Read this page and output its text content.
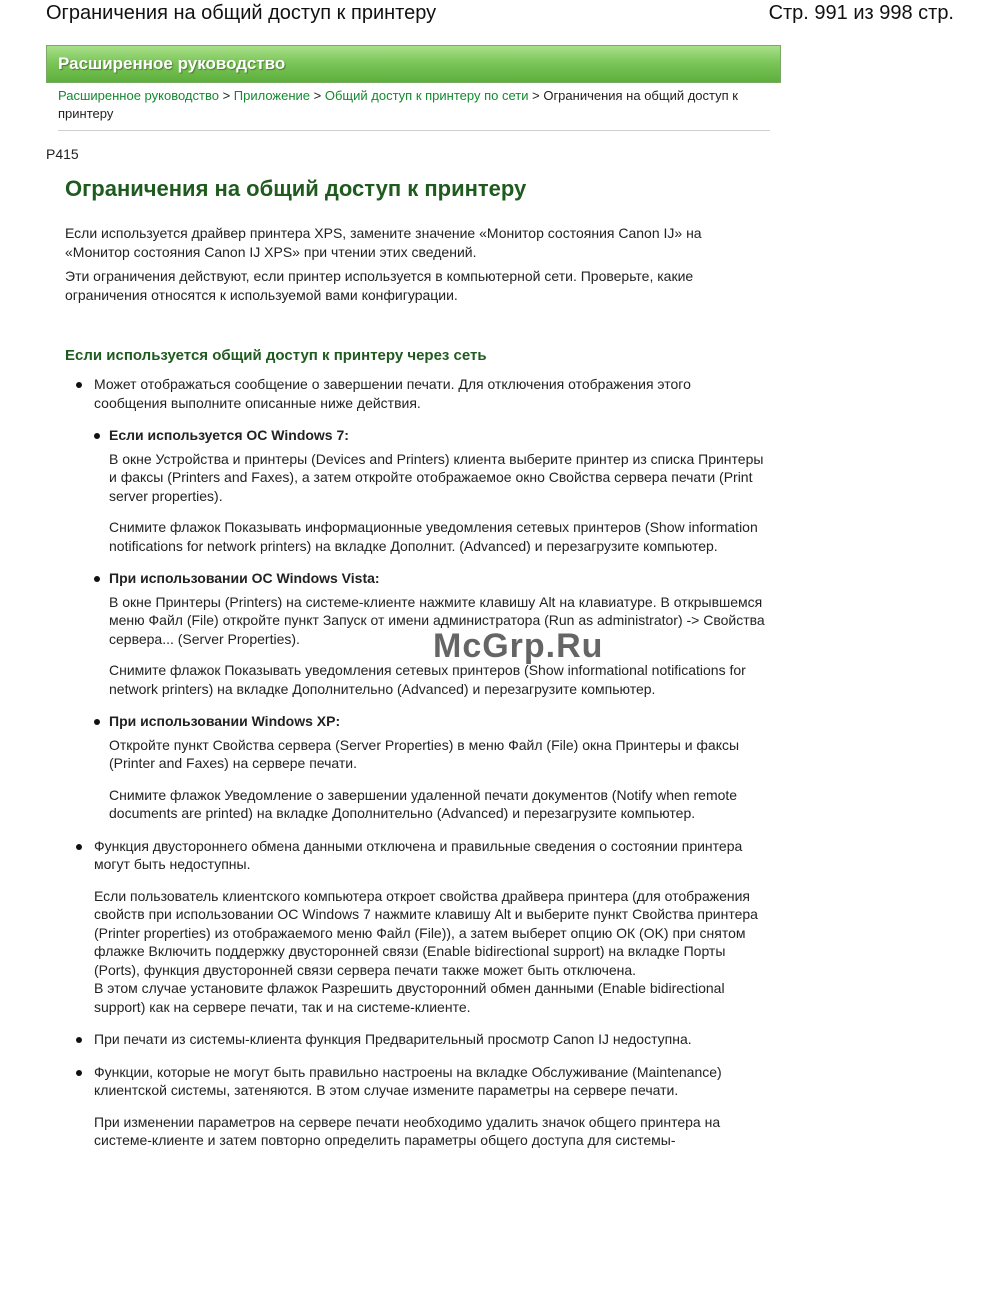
Ограничения на общий доступ к принтеру	Стр. 991 из 998 стр.
Расширенное руководство
Расширенное руководство > Приложение > Общий доступ к принтеру по сети > Ограничения на общий доступ к принтеру
P415
Ограничения на общий доступ к принтеру

Если используется драйвер принтера XPS, замените значение «Монитор состояния Canon IJ» на «Монитор состояния Canon IJ XPS» при чтении этих сведений.

Эти ограничения действуют, если принтер используется в компьютерной сети. Проверьте, какие ограничения относятся к используемой вами конфигурации.

Если используется общий доступ к принтеру через сеть
Может отображаться сообщение о завершении печати. Для отключения отображения этого сообщения выполните описанные ниже действия.
Если используется ОС Windows 7:
В окне Устройства и принтеры (Devices and Printers) клиента выберите принтер из списка Принтеры и факсы (Printers and Faxes), а затем откройте отображаемое окно Свойства сервера печати (Print server properties).
Снимите флажок Показывать информационные уведомления сетевых принтеров (Show information notifications for network printers) на вкладке Дополнит. (Advanced) и перезагрузите компьютер.
При использовании ОС Windows Vista:
В окне Принтеры (Printers) на системе-клиенте нажмите клавишу Alt на клавиатуре. В открывшемся меню Файл (File) откройте пункт Запуск от имени администратора (Run as administrator) -> Свойства сервера... (Server Properties).
Снимите флажок Показывать уведомления сетевых принтеров (Show informational notifications for network printers) на вкладке Дополнительно (Advanced) и перезагрузите компьютер.
При использовании Windows XP:
Откройте пункт Свойства сервера (Server Properties) в меню Файл (File) окна Принтеры и факсы (Printer and Faxes) на сервере печати.
Снимите флажок Уведомление о завершении удаленной печати документов (Notify when remote documents are printed) на вкладке Дополнительно (Advanced) и перезагрузите компьютер.
Функция двустороннего обмена данными отключена и правильные сведения о состоянии принтера могут быть недоступны.
Если пользователь клиентского компьютера откроет свойства драйвера принтера (для отображения свойств при использовании ОС Windows 7 нажмите клавишу Alt и выберите пункт Свойства принтера (Printer properties) из отображаемого меню Файл (File)), а затем выберет опцию ОК (OK) при снятом флажке Включить поддержку двусторонней связи (Enable bidirectional support) на вкладке Порты (Ports), функция двусторонней связи сервера печати также может быть отключена.
В этом случае установите флажок Разрешить двусторонний обмен данными (Enable bidirectional support) как на сервере печати, так и на системе-клиенте.
При печати из системы-клиента функция Предварительный просмотр Canon IJ недоступна.
Функции, которые не могут быть правильно настроены на вкладке Обслуживание (Maintenance) клиентской системы, затеняются. В этом случае измените параметры на сервере печати.
При изменении параметров на сервере печати необходимо удалить значок общего принтера на системе-клиенте и затем повторно определить параметры общего доступа для системы-
McGrp.Ru
